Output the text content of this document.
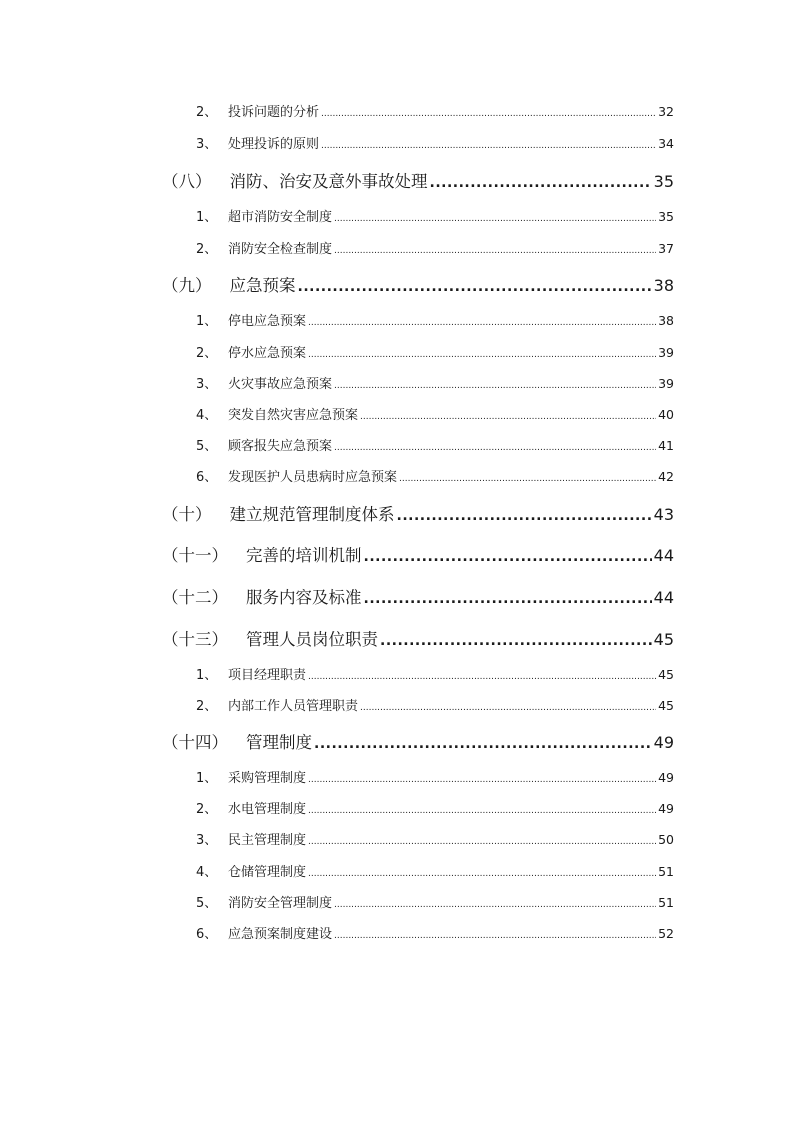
2、 投诉问题的分析 .....	32
3、 处理投诉的原则 .....	34
（八） 消防、治安及意外事故处理 .....	35
1、 超市消防安全制度 .....	35
2、 消防安全检查制度 .....	37
（九） 应急预案 .....	38
1、 停电应急预案 .....	38
2、 停水应急预案 .....	39
3、 火灾事故应急预案 .....	39
4、 突发自然灾害应急预案 .....	40
5、 顾客报失应急预案 .....	41
6、 发现医护人员患病时应急预案 .....	42
（十） 建立规范管理制度体系 .....	43
（十一） 完善的培训机制 .....	44
（十二） 服务内容及标准 .....	44
（十三） 管理人员岗位职责 .....	45
1、 项目经理职责 .....	45
2、 内部工作人员管理职责 .....	45
（十四） 管理制度 .....	49
1、 采购管理制度 .....	49
2、 水电管理制度 .....	49
3、 民主管理制度 .....	50
4、 仓储管理制度 .....	51
5、 消防安全管理制度 .....	51
6、 应急预案制度建设 .....	52
